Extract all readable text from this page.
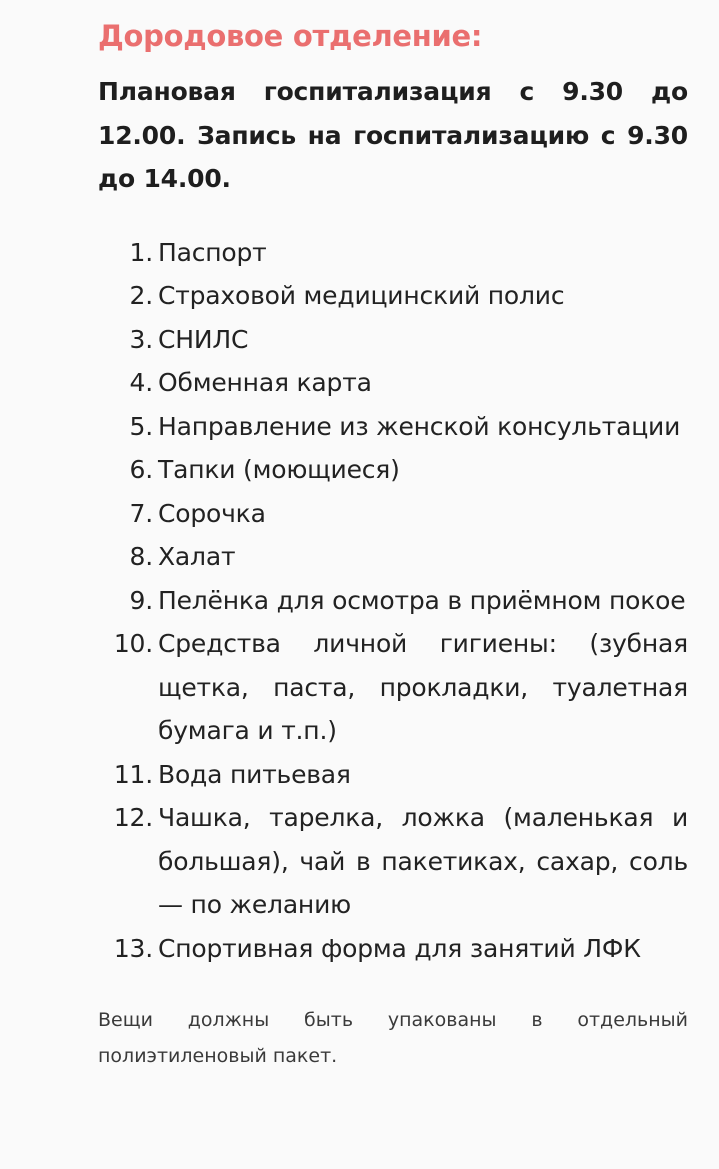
Дородовое отделение:

Плановая госпитализация с 9.30 до 12.00. Запись на госпитализацию с 9.30 до 14.00.

1. Паспорт
2. Страховой медицинский полис
3. СНИЛС
4. Обменная карта
5. Направление из женской консультации
6. Тапки (моющиеся)
7. Сорочка
8. Халат
9. Пелёнка для осмотра в приёмном покое
10. Средства личной гигиены: (зубная щетка, паста, прокладки, туалетная бумага и т.п.)
11. Вода питьевая
12. Чашка, тарелка, ложка (маленькая и большая), чай в пакетиках, сахар, соль — по желанию
13. Спортивная форма для занятий ЛФК

Вещи должны быть упакованы в отдельный полиэтиленовый пакет.
